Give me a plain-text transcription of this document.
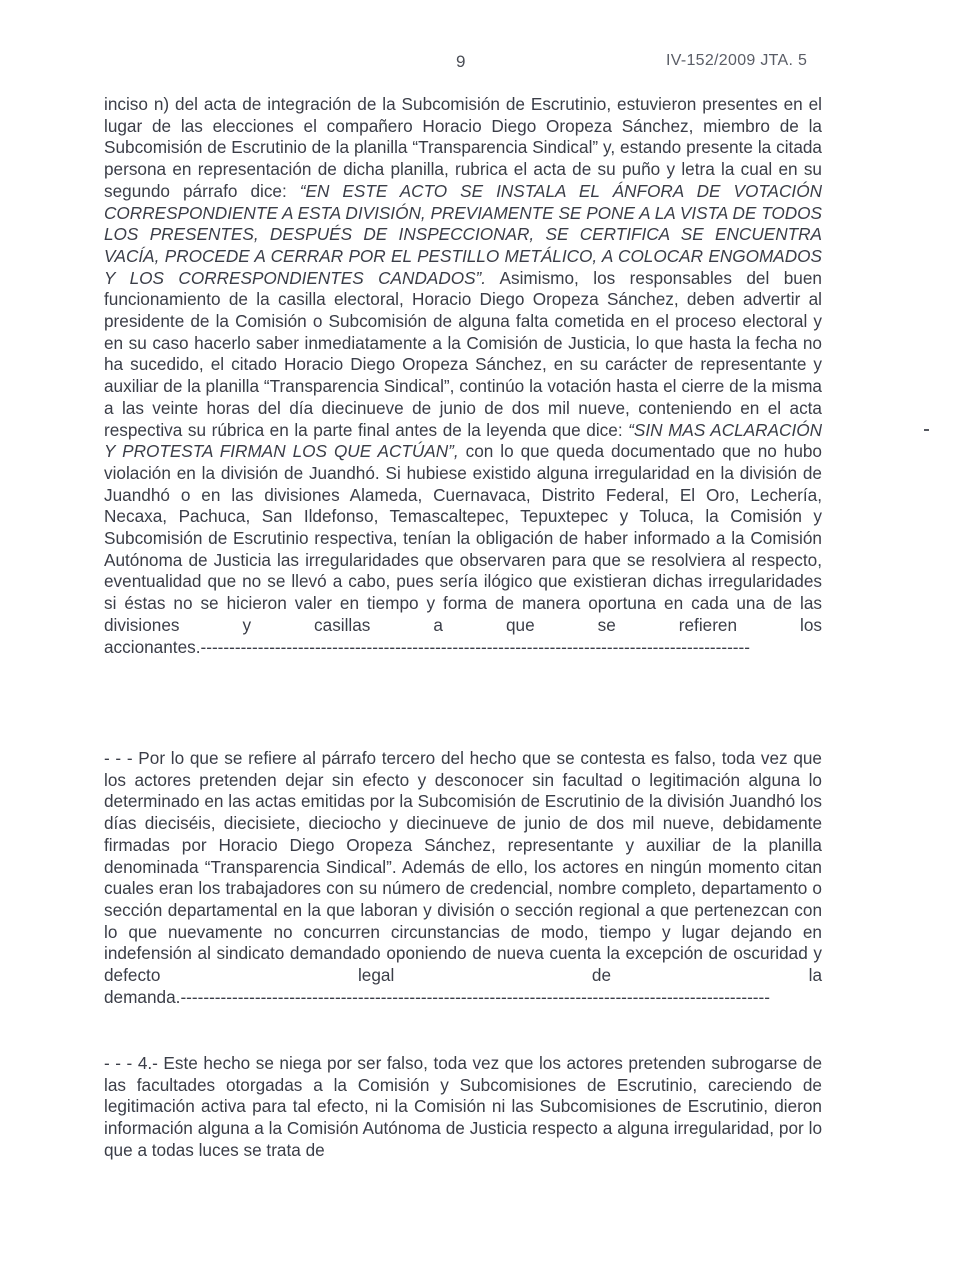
9	IV-152/2009 JTA. 5

inciso n) del acta de integración de la Subcomisión de Escrutinio, estuvieron presentes en el lugar de las elecciones el compañero Horacio Diego Oropeza Sánchez, miembro de la Subcomisión de Escrutinio de la planilla “Transparencia Sindical” y, estando presente la citada persona en representación de dicha planilla, rubrica el acta de su puño y letra la cual en su segundo párrafo dice: “EN ESTE ACTO SE INSTALA EL ÁNFORA DE VOTACIÓN CORRESPONDIENTE A ESTA DIVISIÓN, PREVIAMENTE SE PONE A LA VISTA DE TODOS LOS PRESENTES, DESPUÉS DE INSPECCIONAR, SE CERTIFICA SE ENCUENTRA VACÍA, PROCEDE A CERRAR POR EL PESTILLO METÁLICO, A COLOCAR ENGOMADOS Y LOS CORRESPONDIENTES CANDADOS”. Asimismo, los responsables del buen funcionamiento de la casilla electoral, Horacio Diego Oropeza Sánchez, deben advertir al presidente de la Comisión o Subcomisión de alguna falta cometida en el proceso electoral y en su caso hacerlo saber inmediatamente a la Comisión de Justicia, lo que hasta la fecha no ha sucedido, el citado Horacio Diego Oropeza Sánchez, en su carácter de representante y auxiliar de la planilla “Transparencia Sindical”, continúo la votación hasta el cierre de la misma a las veinte horas del día diecinueve de junio de dos mil nueve, conteniendo en el acta respectiva su rúbrica en la parte final antes de la leyenda que dice: “SIN MAS ACLARACIÓN Y PROTESTA FIRMAN LOS QUE ACTÚAN”, con lo que queda documentado que no hubo violación en la división de Juandhó. Si hubiese existido alguna irregularidad en la división de Juandhó o en las divisiones Alameda, Cuernavaca, Distrito Federal, El Oro, Lechería, Necaxa, Pachuca, San Ildefonso, Temascaltepec, Tepuxtepec y Toluca, la Comisión y Subcomisión de Escrutinio respectiva, tenían la obligación de haber informado a la Comisión Autónoma de Justicia las irregularidades que observaren para que se resolviera al respecto, eventualidad que no se llevó a cabo, pues sería ilógico que existieran dichas irregularidades si éstas no se hicieron valer en tiempo y forma de manera oportuna en cada una de las divisiones y casillas a que se refieren los accionantes.------------------------------------------------------------------------------------------------

- - - Por lo que se refiere al párrafo tercero del hecho que se contesta es falso, toda vez que los actores pretenden dejar sin efecto y desconocer sin facultad o legitimación alguna lo determinado en las actas emitidas por la Subcomisión de Escrutinio de la división Juandhó los días dieciséis, diecisiete, dieciocho y diecinueve de junio de dos mil nueve, debidamente firmadas por Horacio Diego Oropeza Sánchez, representante y auxiliar de la planilla denominada “Transparencia Sindical”. Además de ello, los actores en ningún momento citan cuales eran los trabajadores con su número de credencial, nombre completo, departamento o sección departamental en la que laboran y división o sección regional a que pertenezcan con lo que nuevamente no concurren circunstancias de modo, tiempo y lugar dejando en indefensión al sindicato demandado oponiendo de nueva cuenta la excepción de oscuridad y defecto legal de la demanda.-------------------------------------------------------------------------------------------------------

- - - 4.- Este hecho se niega por ser falso, toda vez que los actores pretenden subrogarse de las facultades otorgadas a la Comisión y Subcomisiones de Escrutinio, careciendo de legitimación activa para tal efecto, ni la Comisión ni las Subcomisiones de Escrutinio, dieron información alguna a la Comisión Autónoma de Justicia respecto a alguna irregularidad, por lo que a todas luces se trata de
